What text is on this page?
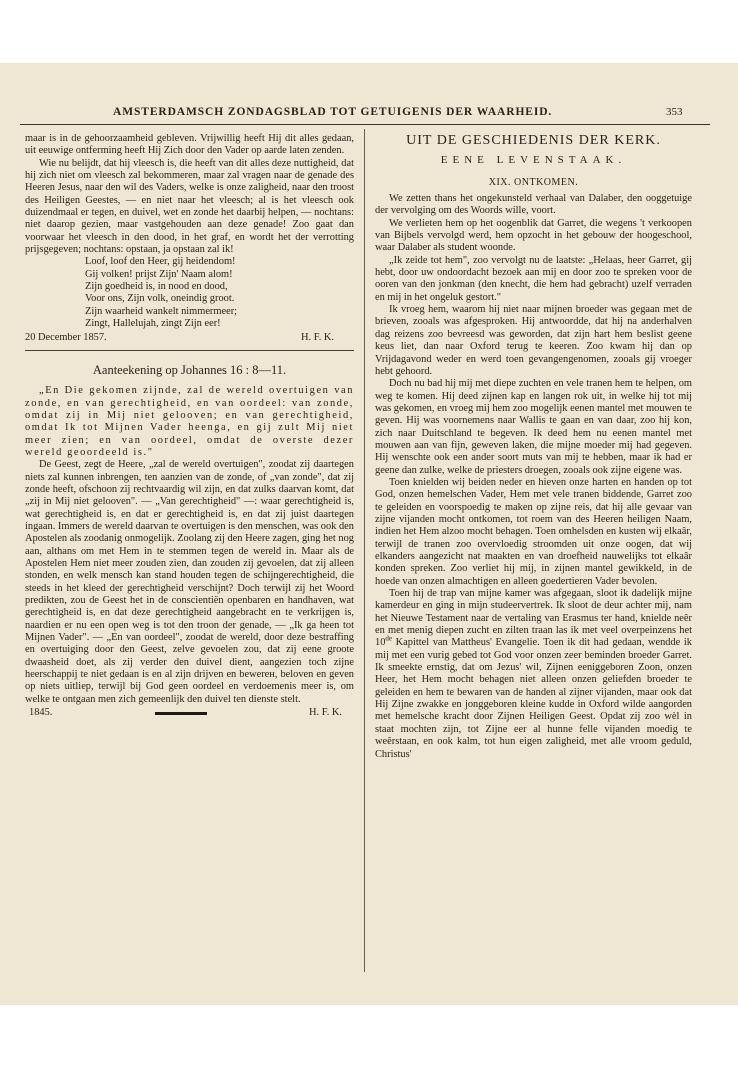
AMSTERDAMSCH ZONDAGSBLAD TOT GETUIGENIS DER WAARHEID.	353

maar is in de gehoorzaamheid gebleven. Vrijwillig heeft Hij dit alles gedaan, uit eeuwige ontferming heeft Hij Zich door den Vader op aarde laten zenden.

Wie nu belijdt, dat hij vleesch is, die heeft van dit alles deze nuttigheid, dat hij zich niet om vleesch zal bekommeren, maar zal vragen naar de genade des Heeren Jesus, naar den wil des Vaders, welke is onze zaligheid, naar den troost des Heiligen Geestes, — en niet naar het vleesch; al is het vleesch ook duizendmaal er tegen, en duivel, wet en zonde het daarbij helpen, — nochtans: niet daarop gezien, maar vastgehouden aan deze genade! Zoo gaat dan voorwaar het vleesch in den dood, in het graf, en wordt het der verrotting prijsgegeven; nochtans: opstaan, ja opstaan zal ik!

Loof, loof den Heer, gij heidendom!
Gij volken! prijst Zijn' Naam alom!
Zijn goedheid is, in nood en dood,
Voor ons, Zijn volk, oneindig groot.
Zijn waarheid wankelt nimmermeer;
Zingt, Hallelujah, zingt Zijn eer!
20 December 1857.	H. F. K.
Aanteekening op Johannes 16 : 8—11.

„En Die gekomen zijnde, zal de wereld overtuigen van zonde, en van gerechtigheid, en van oordeel: van zonde, omdat zij in Mij niet gelooven; en van gerechtigheid, omdat Ik tot Mijnen Vader heenga, en gij zult Mij niet meer zien; en van oordeel, omdat de overste dezer wereld geoordeeld is."

De Geest, zegt de Heere, „zal de wereld overtuigen", zoodat zij daartegen niets zal kunnen inbrengen, ten aanzien van de zonde, of „van zonde", dat zij zonde heeft, ofschoon zij rechtvaardig wil zijn, en dat zulks daarvan komt, dat „zij in Mij niet gelooven". — „Van gerechtigheid" —: waar gerechtigheid is, wat gerechtigheid is, en dat er gerechtigheid is, en dat zij juist daartegen ingaan. Immers de wereld daarvan te overtuigen is den menschen, was ook den Apostelen als zoodanig onmogelijk. Zoolang zij den Heere zagen, ging het nog aan, althans om met Hem in te stemmen tegen de wereld in. Maar als de Apostelen Hem niet meer zouden zien, dan zouden zij gevoelen, dat zij alleen stonden, en welk mensch kan stand houden tegen de schijngerechtigheid, die steeds in het kleed der gerechtigheid verschijnt? Doch terwijl zij het Woord predikten, zou de Geest het in de conscientiën openbaren en handhaven, wat gerechtigheid is, en dat deze gerechtigheid aangebracht en te verkrijgen is, naardien er nu een open weg is tot den troon der genade, — „Ik ga heen tot Mijnen Vader". — „En van oordeel", zoodat de wereld, door deze bestraffing en overtuiging door den Geest, zelve gevoelen zou, dat zij eene groote dwaasheid doet, als zij verder den duivel dient, aangezien toch zijne heerschappij te niet gedaan is en al zijn drijven en bewerен, beloven en geven op niets uitliep, terwijl bij God geen oordeel en verdoemenis meer is, om welke te ontgaan men zich gemeenlijk den duivel ten dienste stelt.

1845.	H. F. K.
UIT DE GESCHIEDENIS DER KERK.
EENE LEVENSTAAK.
XIX. ONTKOMEN.

We zetten thans het ongekunsteld verhaal van Dalaber, den ooggetuige der vervolging om des Woords wille, voort.

We verlieten hem op het oogenblik dat Garret, die wegens 't verkoopen van Bijbels vervolgd werd, hem opzocht in het gebouw der hoogeschool, waar Dalaber als student woonde.

„Ik zeide tot hem", zoo vervolgt nu de laatste: „Helaas, heer Garret, gij hebt, door uw ondoordacht bezoek aan mij en door zoo te spreken voor de ooren van den jonkman (den knecht, die hem had gebracht) uzelf verraden en mij in het ongeluk gestort."

Ik vroeg hem, waarom hij niet naar mijnen broeder was gegaan met de brieven, zooals was afgesproken. Hij antwoordde, dat hij na anderhalven dag reizens zoo bevreesd was geworden, dat zijn hart hem beslist geene keus liet, dan naar Oxford terug te keeren. Zoo kwam hij dan op Vrijdagavond weder en werd toen gevangengenomen, zooals gij vroeger hebt gehoord.

Doch nu bad hij mij met diepe zuchten en vele tranen hem te helpen, om weg te komen. Hij deed zijnen kap en langen rok uit, in welke hij tot mij was gekomen, en vroeg mij hem zoo mogelijk eenen mantel met mouwen te geven. Hij was voornemens naar Wallis te gaan en van daar, zoo hij kon, zich naar Duitschland te begeven. Ik deed hem nu eenen mantel met mouwen aan van fijn, geweven laken, die mijne moeder mij had gegeven. Hij wenschte ook een ander soort muts van mij te hebben, maar ik had er geene dan zulke, welke de priesters droegen, zooals ook zijne eigene was.

Toen knielden wij beiden neder en hieven onze harten en handen op tot God, onzen hemelschen Vader, Hem met vele tranen biddende, Garret zoo te geleiden en voorspoedig te maken op zijne reis, dat hij alle gevaar van zijne vijanden mocht ontkomen, tot roem van des Heeren heiligen Naam, indien het Hem alzoo mocht behagen. Toen omhelsden en kusten wij elkaâr, terwijl de tranen zoo overvloedig stroomden uit onze oogen, dat wij elkanders aangezicht nat maakten en van droefheid nauwelijks tot elkaâr konden spreken. Zoo verliet hij mij, in zijnen mantel gewikkeld, in de hoede van onzen almachtigen en alleen goedertieren Vader bevolen.

Toen hij de trap van mijne kamer was afgegaan, sloot ik dadelijk mijne kamerdeur en ging in mijn studeervertrek. Ik sloot de deur achter mij, nam het Nieuwe Testament naar de vertaling van Erasmus ter hand, knielde neêr en met menig diepen zucht en zilten traan las ik met veel overpeinzens het 10de Kapittel van Mattheus' Evangelie. Toen ik dit had gedaan, wendde ik mij met een vurig gebed tot God voor onzen zeer beminden broeder Garret. Ik smeekte ernstig, dat om Jezus' wil, Zijnen eeniggeboren Zoon, onzen Heer, het Hem mocht behagen niet alleen onzen geliefden broeder te geleiden en hem te bewaren van de handen al zijner vijanden, maar ook dat Hij Zijne zwakke en jonggeboren kleine kudde in Oxford wilde aangorden met hemelsche kracht door Zijnen Heiligen Geest. Opdat zij zoo wèl in staat mochten zijn, tot Zijne eer al hunne felle vijanden moedig te weêrstaan, en ook kalm, tot hun eigen zaligheid, met alle vroom geduld, Christus'
